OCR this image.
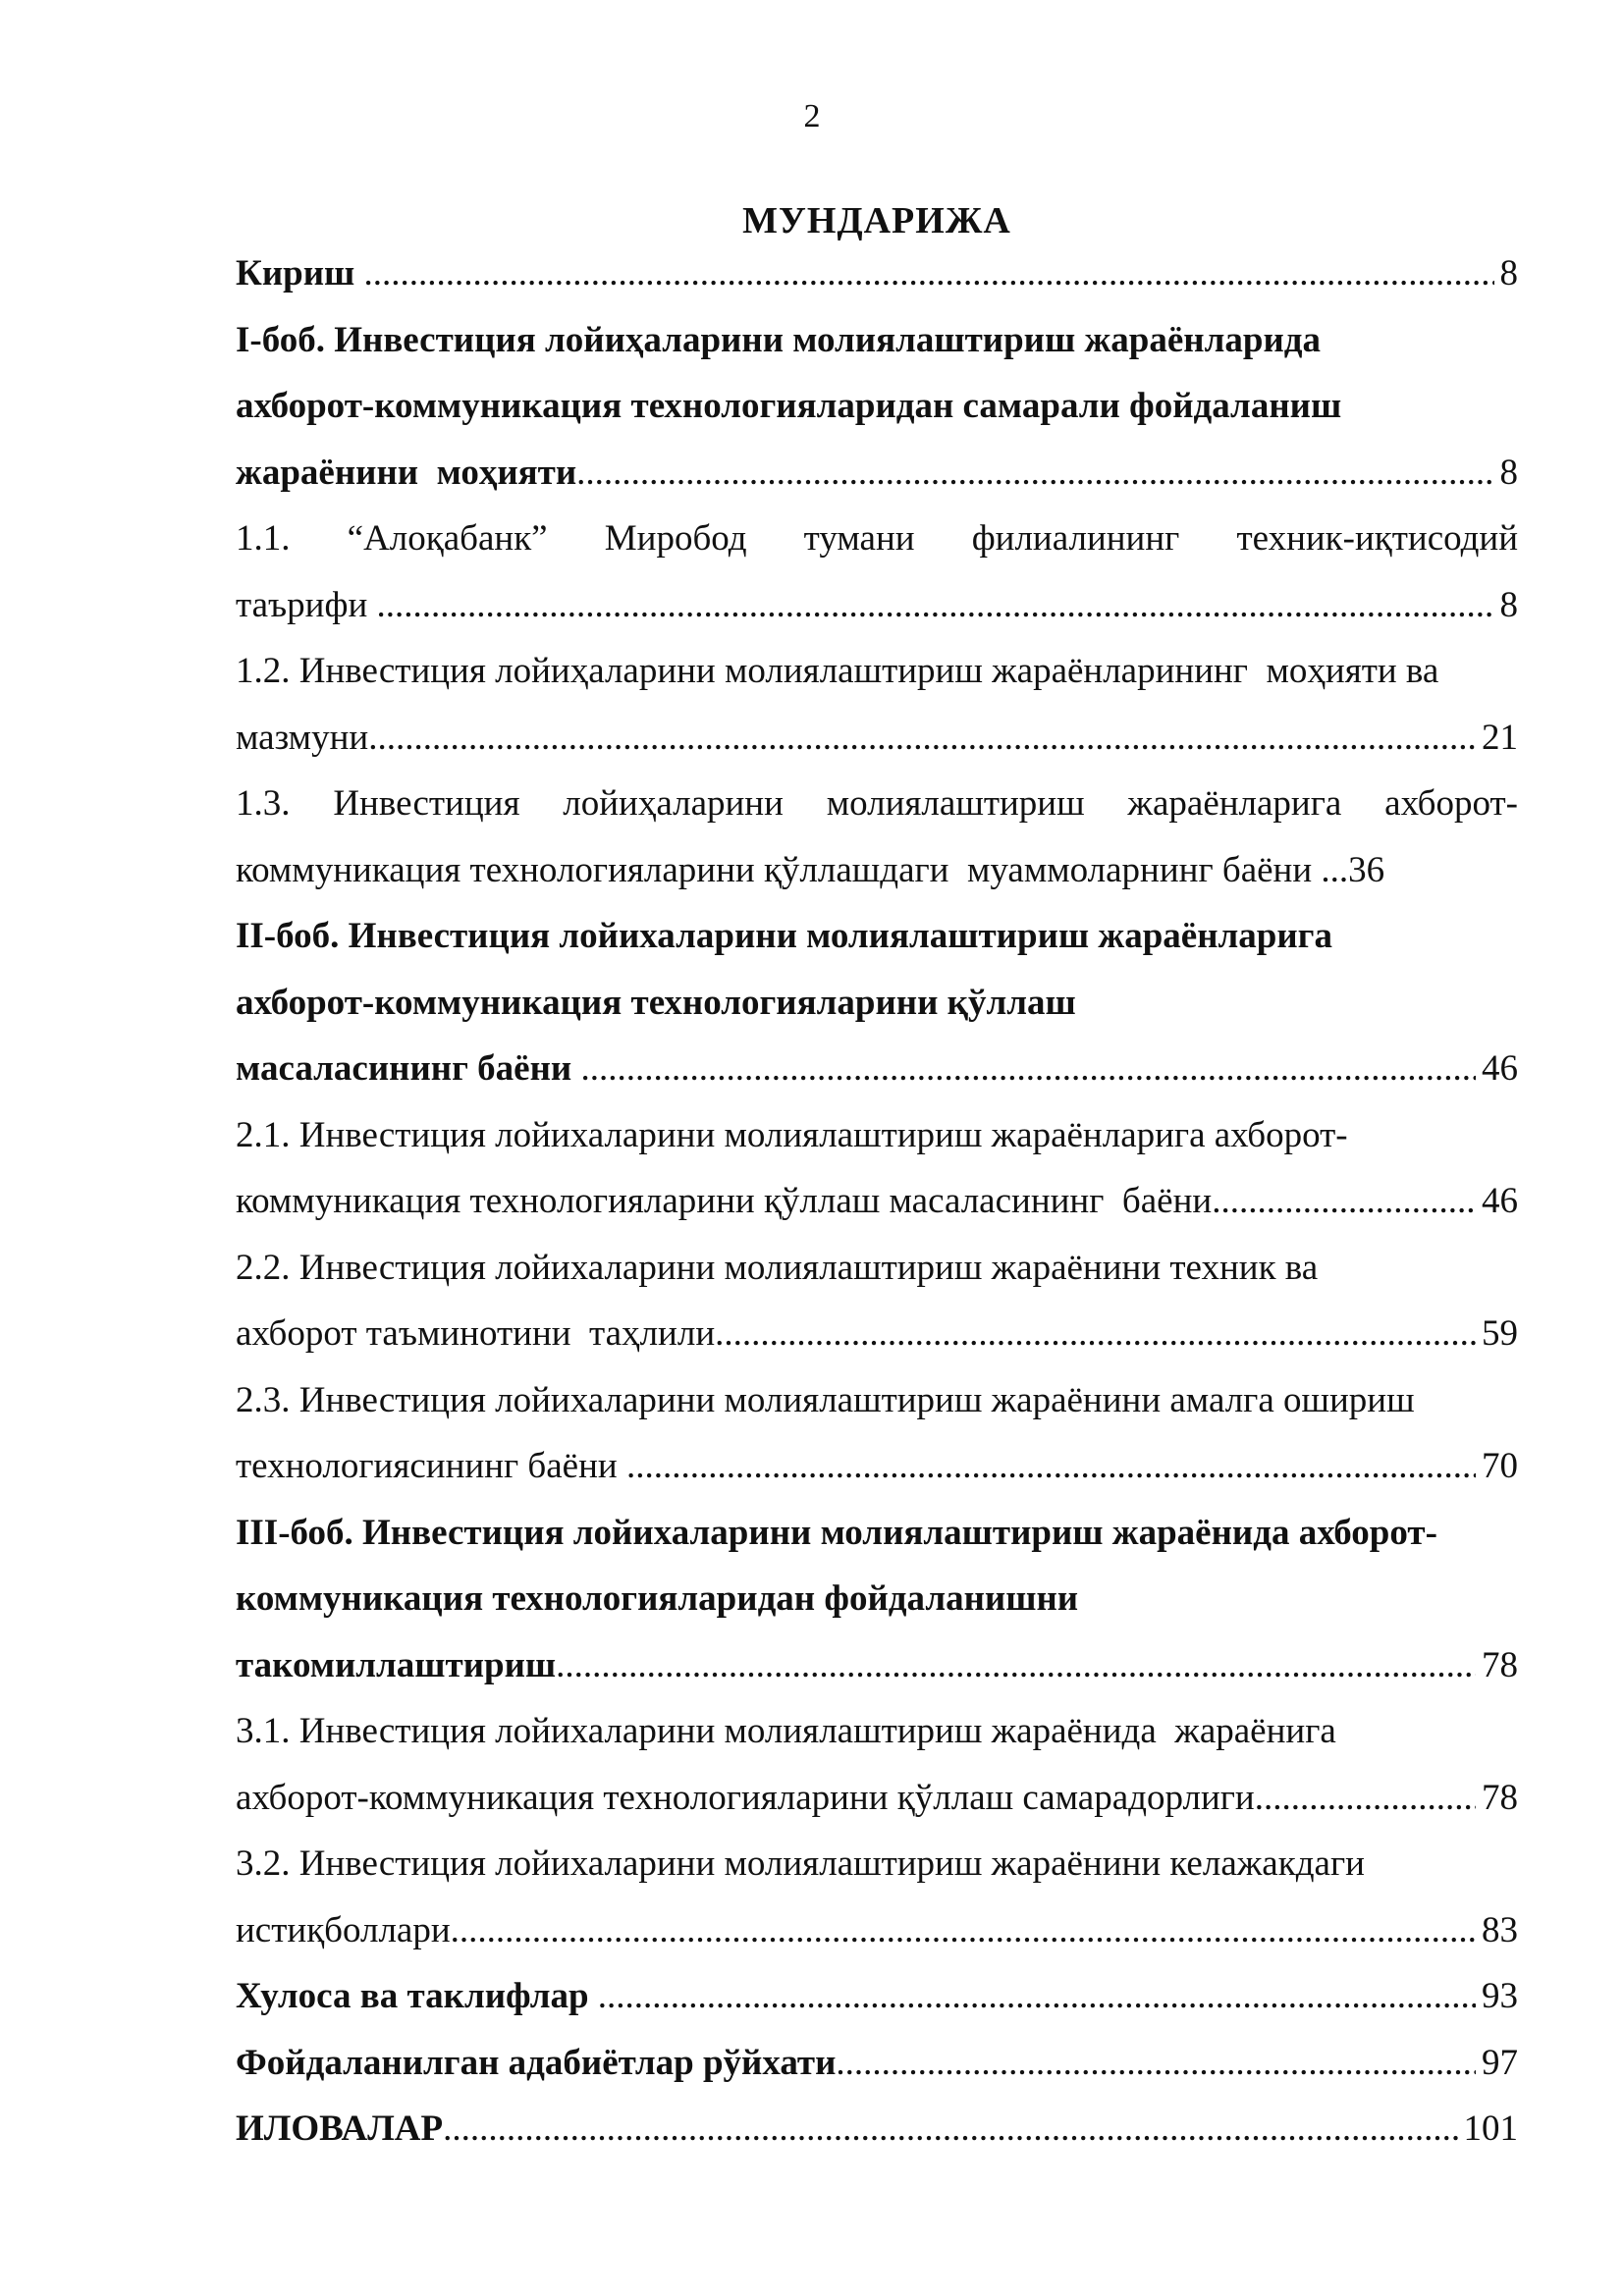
2
МУНДАРИЖА
Кириш .....	8
I-боб. Инвестиция лойиҳаларини молиялаштириш жараёнларида
ахборот-коммуникация технологияларидан самарали фойдаланиш
жараёнини  моҳияти .....	8
1.1. “Алоқабанк” Миробод тумани филиалининг техник-иқтисодий
таърифи .....	8
1.2. Инвестиция лойиҳаларини молиялаштириш жараёнларининг  моҳияти ва
мазмуни .....	21
1.3. Инвестиция лойиҳаларини молиялаштириш жараёнларига ахборот-
коммуникация технологияларини қўллашдаги  муаммоларнинг баёни ...36
II-боб. Инвестиция лойихаларини молиялаштириш жараёнларига
ахборот-коммуникация технологияларини қўллаш
масаласининг баёни .....	46
2.1. Инвестиция лойихаларини молиялаштириш жараёнларига ахборот-
коммуникация технологияларини қўллаш масаласининг  баёни .....	46
2.2. Инвестиция лойихаларини молиялаштириш жараёнини техник ва
ахборот таъминотини  таҳлили .....	59
2.3. Инвестиция лойихаларини молиялаштириш жараёнини амалга ошириш
технологиясининг баёни .....	70
III-боб. Инвестиция лойихаларини молиялаштириш жараёнида ахборот-
коммуникация технологияларидан фойдаланишни
такомиллаштириш .....	78
3.1. Инвестиция лойихаларини молиялаштириш жараёнида  жараёнига
ахборот-коммуникация технологияларини қўллаш самарадорлиги .....	78
3.2. Инвестиция лойихаларини молиялаштириш жараёнини келажакдаги
истиқболлари .....	83
Хулоса ва таклифлар .....	93
Фойдаланилган адабиётлар рўйхати .....	97
ИЛОВАЛАР .....	101
